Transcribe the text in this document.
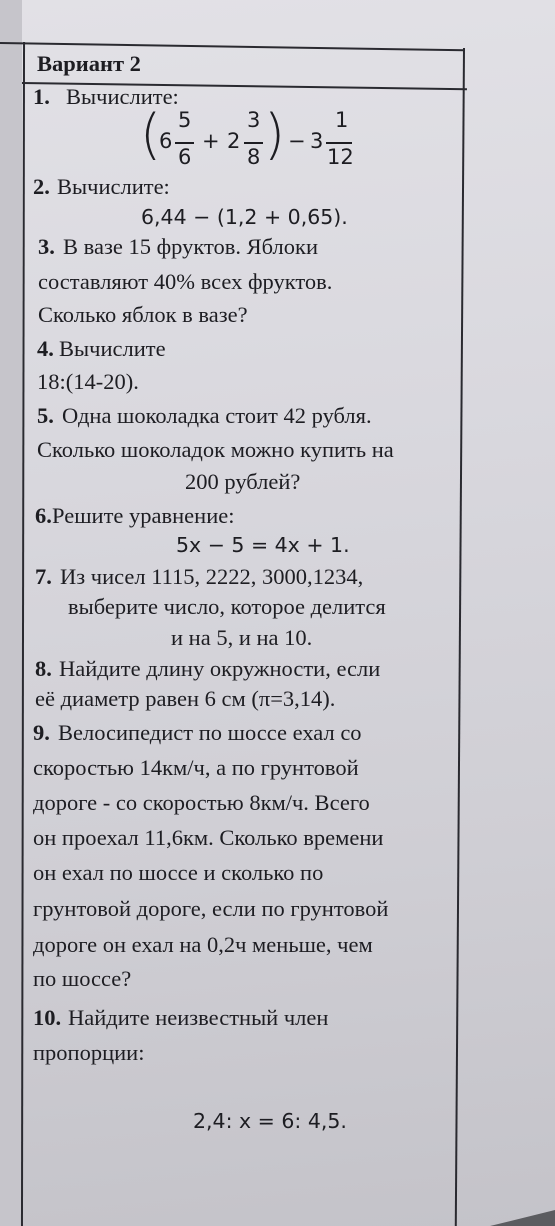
Вариант 2
1. Вычислите:
(
6
5
6
+ 2
3
8 ) − 3
1
12
2. Вычислите:
6,44 − (1,2 + 0,65).
3. В вазе 15 фруктов. Яблоки
составляют 40% всех фруктов.
Сколько яблок в вазе?
4. Вычислите
18:(14-20).
5. Одна шоколадка стоит 42 рубля.
Сколько шоколадок можно купить на
200 рублей?
6. Решите уравнение:
5x − 5 = 4x + 1.
7. Из чисел 1115, 2222, 3000,1234,
выберите число, которое делится
и на 5, и на 10.
8. Найдите длину окружности, если
её диаметр равен 6 см (π=3,14).
9. Велосипедист по шоссе ехал со
скоростью 14км/ч, а по грунтовой
дороге - со скоростью 8км/ч. Всего
он проехал 11,6км. Сколько времени
он ехал по шоссе и сколько по
грунтовой дороге, если по грунтовой
дороге он ехал на 0,2ч меньше, чем
по шоссе?
10. Найдите неизвестный член
пропорции:
2,4: x = 6: 4,5.
